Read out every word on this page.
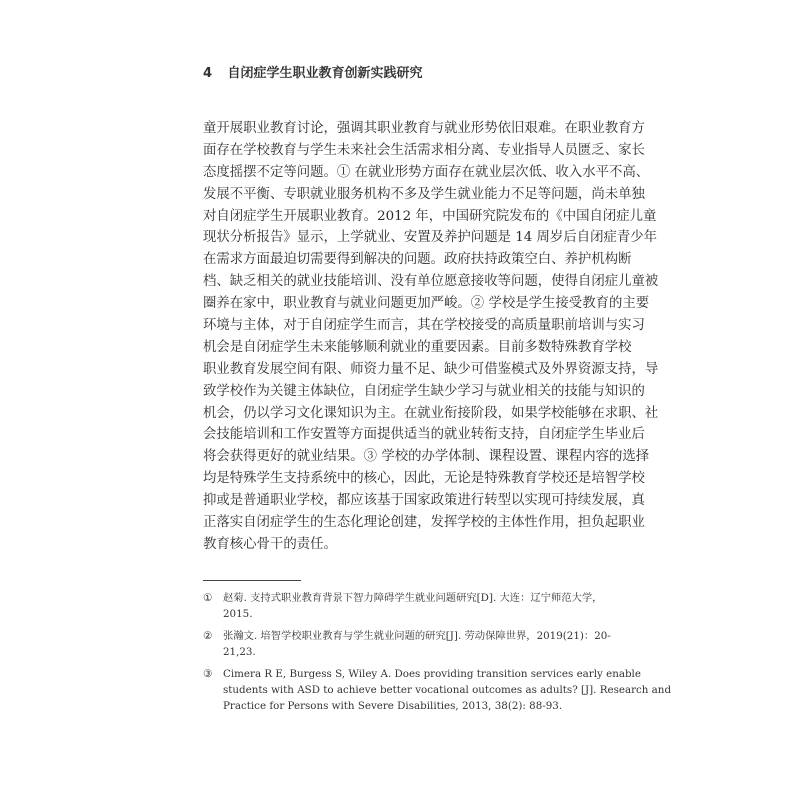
4 自闭症学生职业教育创新实践研究
童开展职业教育讨论，强调其职业教育与就业形势依旧艰难。在职业教育方
面存在学校教育与学生未来社会生活需求相分离、专业指导人员匮乏、家长
态度摇摆不定等问题。① 在就业形势方面存在就业层次低、收入水平不高、
发展不平衡、专职就业服务机构不多及学生就业能力不足等问题，尚未单独
对自闭症学生开展职业教育。2012 年，中国研究院发布的《中国自闭症儿童
现状分析报告》显示，上学就业、安置及养护问题是 14 周岁后自闭症青少年
在需求方面最迫切需要得到解决的问题。政府扶持政策空白、养护机构断
档、缺乏相关的就业技能培训、没有单位愿意接收等问题，使得自闭症儿童被
圈养在家中，职业教育与就业问题更加严峻。② 学校是学生接受教育的主要
环境与主体，对于自闭症学生而言，其在学校接受的高质量职前培训与实习
机会是自闭症学生未来能够顺利就业的重要因素。目前多数特殊教育学校
职业教育发展空间有限、师资力量不足、缺少可借鉴模式及外界资源支持，导
致学校作为关键主体缺位，自闭症学生缺少学习与就业相关的技能与知识的
机会，仍以学习文化课知识为主。在就业衔接阶段，如果学校能够在求职、社
会技能培训和工作安置等方面提供适当的就业转衔支持，自闭症学生毕业后
将会获得更好的就业结果。③ 学校的办学体制、课程设置、课程内容的选择
均是特殊学生支持系统中的核心，因此，无论是特殊教育学校还是培智学校
抑或是普通职业学校，都应该基于国家政策进行转型以实现可持续发展，真
正落实自闭症学生的生态化理论创建，发挥学校的主体性作用，担负起职业
教育核心骨干的责任。
① 赵菊. 支持式职业教育背景下智力障碍学生就业问题研究[D]. 大连：辽宁师范大学，
2015.
② 张瀚文. 培智学校职业教育与学生就业问题的研究[J]. 劳动保障世界，2019(21)：20-
21,23.
③ Cimera R E, Burgess S, Wiley A. Does providing transition services early enable
students with ASD to achieve better vocational outcomes as adults? [J]. Research and
Practice for Persons with Severe Disabilities, 2013, 38(2): 88-93.
